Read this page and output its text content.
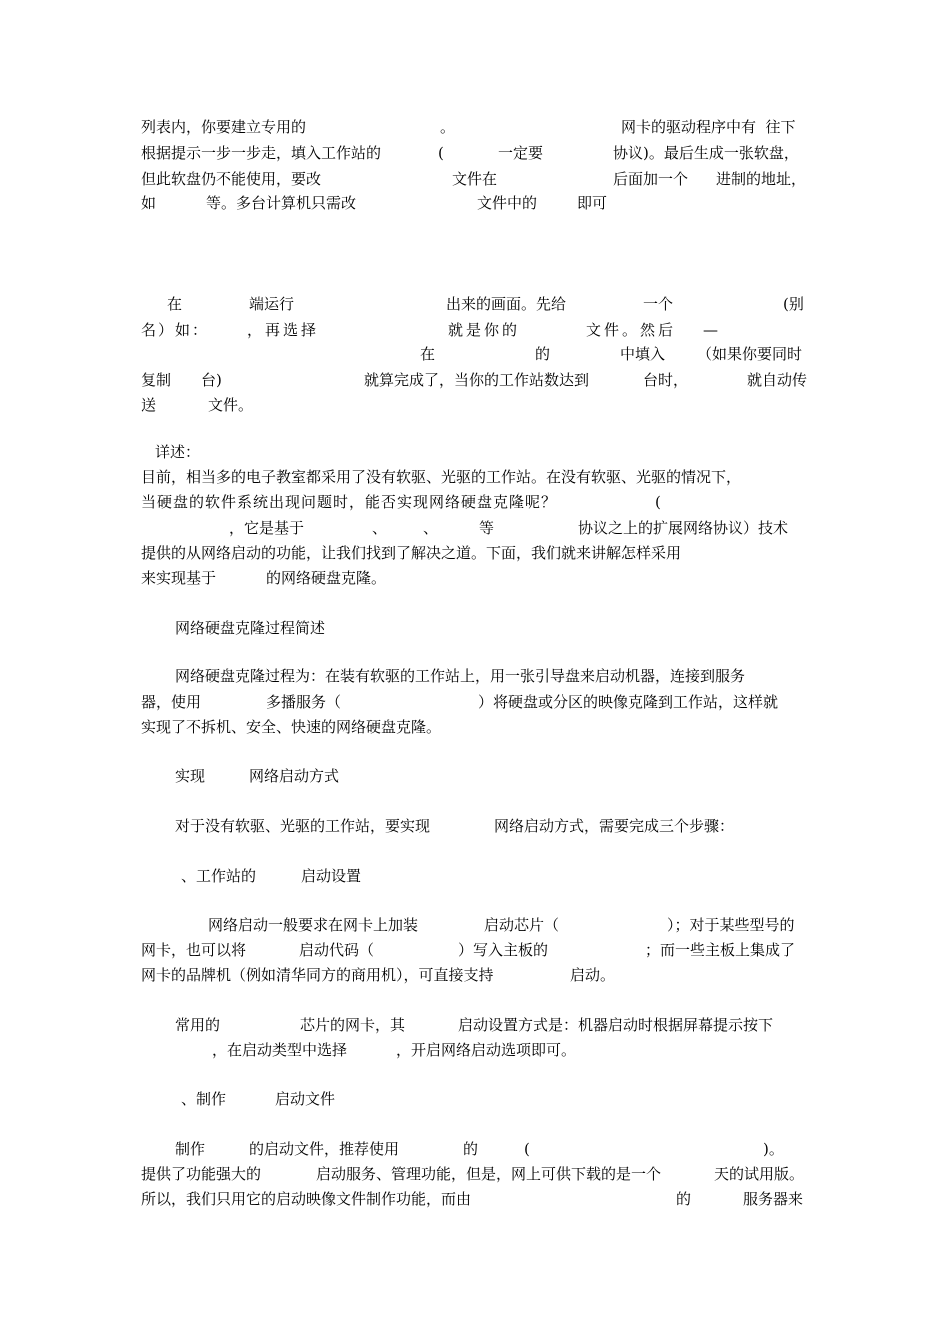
列表内，你要建立专用的	。	网卡的驱动程序中有  往下
根据提示一步一步走，填入工作站的	(	一定要	协议)。最后生成一张软盘，
但此软盘仍不能使用，要改	文件在	后面加一个 进制的地址，
如	等。多台计算机只需改	文件中的	即可
在	端运行	出来的画面。先给	一个	(别
名）如：	，再选择	就是你的	文件。然后 —
在	的	中填入 （如果你要同时
复制 台)	就算完成了，当你的工作站数达到	台时，	就自动传
送	文件。
详述：
目前，相当多的电子教室都采用了没有软驱、光驱的工作站。在没有软驱、光驱的情况下，
当硬盘的软件系统出现问题时，能否实现网络硬盘克隆呢？	(
，它是基于	、 、	等	协议之上的扩展网络协议）技术
提供的从网络启动的功能，让我们找到了解决之道。下面，我们就来讲解怎样采用
来实现基于	的网络硬盘克隆。
网络硬盘克隆过程简述
网络硬盘克隆过程为：在装有软驱的工作站上，用一张引导盘来启动机器，连接到服务
器，使用	多播服务（	）将硬盘或分区的映像克隆到工作站，这样就
实现了不拆机、安全、快速的网络硬盘克隆。
实现	网络启动方式
对于没有软驱、光驱的工作站，要实现	网络启动方式，需要完成三个步骤：
、工作站的	启动设置
网络启动一般要求在网卡上加装	启动芯片（	）；对于某些型号的
网卡，也可以将	启动代码（	）写入主板的	；而一些主板上集成了
网卡的品牌机（例如清华同方的商用机），可直接支持	启动。
常用的	芯片的网卡，其	启动设置方式是：机器启动时根据屏幕提示按下
，在启动类型中选择	，开启网络启动选项即可。
、制作	启动文件
制作	的启动文件，推荐使用	的	(	)。
提供了功能强大的	启动服务、管理功能，但是，网上可供下载的是一个	天的试用版。
所以，我们只用它的启动映像文件制作功能，而由	的	服务器来
